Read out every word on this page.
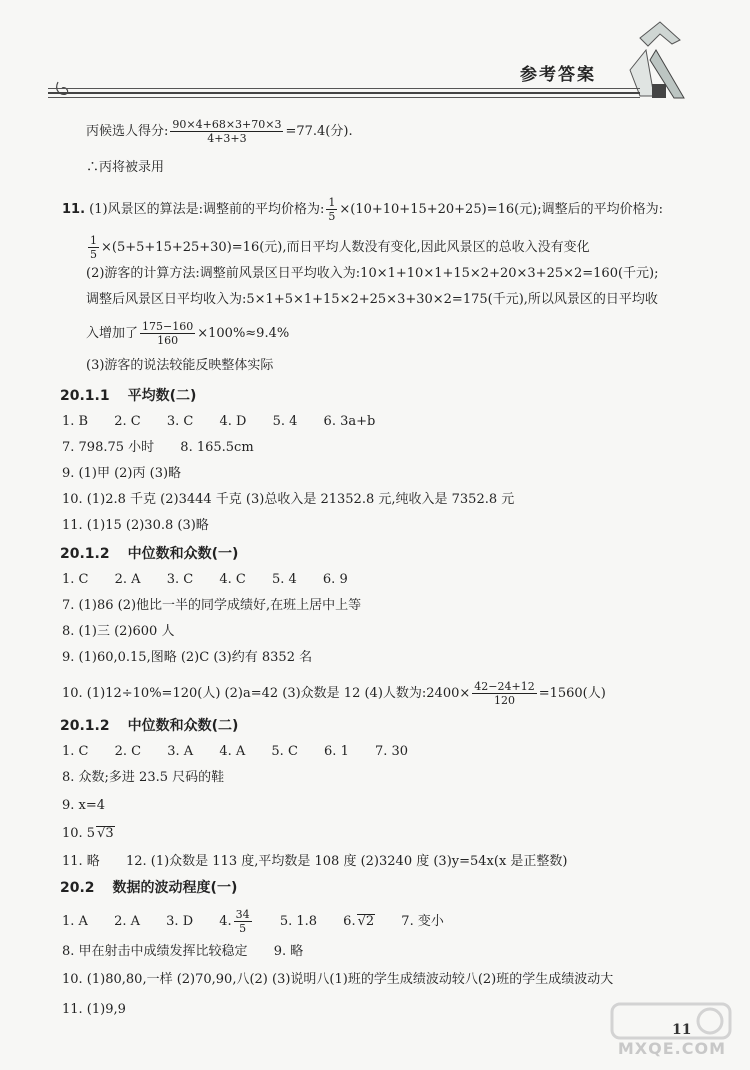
参考答案
丙候选人得分: $\frac{90\times 4+68\times 3+70\times 3}{4+3+3} =77.4$(分).
∴丙将被录用
11. (1)风景区的算法是:调整前的平均价格为: $\frac{1}{5} \times(10+10+15+20+25)=16$(元);调整后的平均价格为:
$\frac{1}{5} \times(5+5+15+25+30)=16$(元),而日平均人数没有变化,因此风景区的总收入没有变化
(2)游客的计算方法:调整前风景区日平均收入为:10×1+10×1+15×2+20×3+25×2=160(千元);
调整后风景区日平均收入为:5×1+5×1+15×2+25×3+30×2=175(千元),所以风景区的日平均收
入增加了 $\frac{175-160}{160} \times 100\%\approx 9.4\%$
(3)游客的说法较能反映整体实际
20.1.1 平均数(二)
1. B 2. C 3. C 4. D 5. 4 6. 3a+b
7. 798.75 小时 8. 165.5cm
9. (1)甲 (2)丙 (3)略
10. (1)2.8 千克 (2)3444 千克 (3)总收入是 21352.8 元,纯收入是 7352.8 元
11. (1)15 (2)30.8 (3)略
20.1.2 中位数和众数(一)
1. C 2. A 3. C 4. C 5. 4 6. 9
7. (1)86 (2)他比一半的同学成绩好,在班上居中上等
8. (1)三 (2)600 人
9. (1)60,0.15,图略 (2)C (3)约有 8352 名
10. (1)12÷10%=120(人) (2)a=42 (3)众数是 12 (4)人数为:2400× $\frac{42-24+12}{120} =1560$(人)
20.1.2 中位数和众数(二)
1. C 2. C 3. A 4. A 5. C 6. 1 7. 30
8. 众数;多进 23.5 尺码的鞋
9. x=4
10. 5 √3
11. 略 12. (1)众数是 113 度,平均数是 108 度 (2)3240 度 (3)y=54x(x 是正整数)
20.2 数据的波动程度(一)
1. A 2. A 3. D 4. $\frac{34}{5} 5$. 1.8 6. √2 7. 变小
8. 甲在射击中成绩发挥比较稳定 9. 略
10. (1)80,80,一样 (2)70,90,八(2) (3)说明八(1)班的学生成绩波动较八(2)班的学生成绩波动大
11. (1)9,9
11
MXQE.COM
